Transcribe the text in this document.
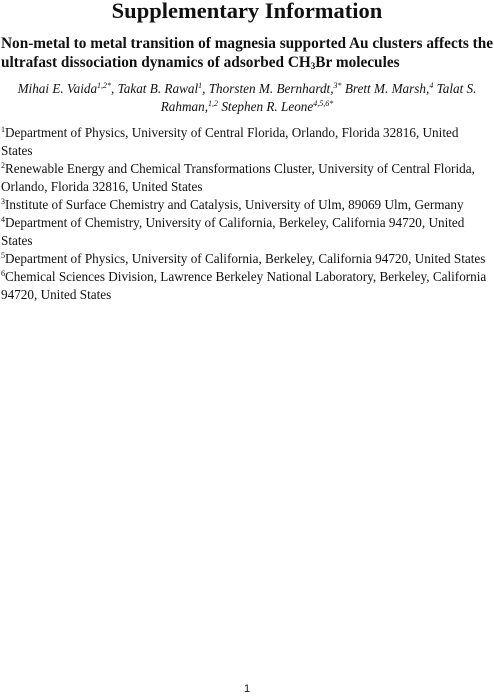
Supplementary Information
Non-metal to metal transition of magnesia supported Au clusters affects the ultrafast dissociation dynamics of adsorbed $CH_3Br$ molecules
Mihai E. Vaida$^{1,2*}$, Takat B. Rawal$^1$, Thorsten M. Bernhardt,$^{3*}$ Brett M. Marsh,$^4$ Talat S. Rahman,$^{1,2}$ Stephen R. Leone$^{4,5,6*}$

$^1$Department of Physics, University of Central Florida, Orlando, Florida 32816, United States

$^2$Renewable Energy and Chemical Transformations Cluster, University of Central Florida, Orlando, Florida 32816, United States

$^3$Institute of Surface Chemistry and Catalysis, University of Ulm, 89069 Ulm, Germany

$^4$Department of Chemistry, University of California, Berkeley, California 94720, United States

$^5$Department of Physics, University of California, Berkeley, California 94720, United States

$^6$Chemical Sciences Division, Lawrence Berkeley National Laboratory, Berkeley, California 94720, United States

1
